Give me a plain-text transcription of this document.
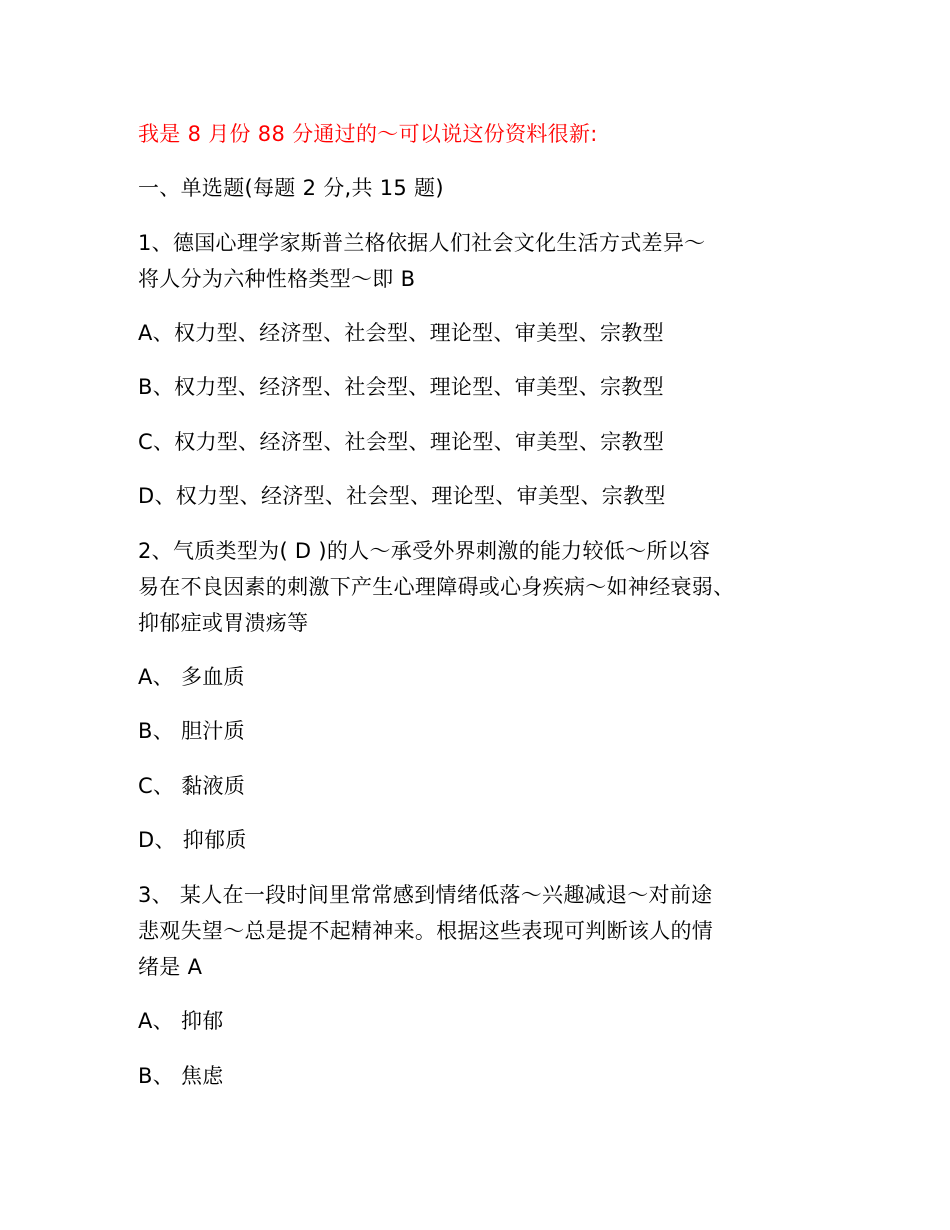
我是 8 月份 88 分通过的～可以说这份资料很新:
一、单选题(每题 2 分,共 15 题)
1、德国心理学家斯普兰格依据人们社会文化生活方式差异～
将人分为六种性格类型～即 B
A、权力型、经济型、社会型、理论型、审美型、宗教型
B、权力型、经济型、社会型、理论型、审美型、宗教型
C、权力型、经济型、社会型、理论型、审美型、宗教型
D、权力型、经济型、社会型、理论型、审美型、宗教型
2、气质类型为( D )的人～承受外界刺激的能力较低～所以容
易在不良因素的刺激下产生心理障碍或心身疾病～如神经衰弱、
抑郁症或胃溃疡等
A、 多血质
B、 胆汁质
C、 黏液质
D、 抑郁质
3、 某人在一段时间里常常感到情绪低落～兴趣减退～对前途
悲观失望～总是提不起精神来。根据这些表现可判断该人的情
绪是 A
A、 抑郁
B、 焦虑
